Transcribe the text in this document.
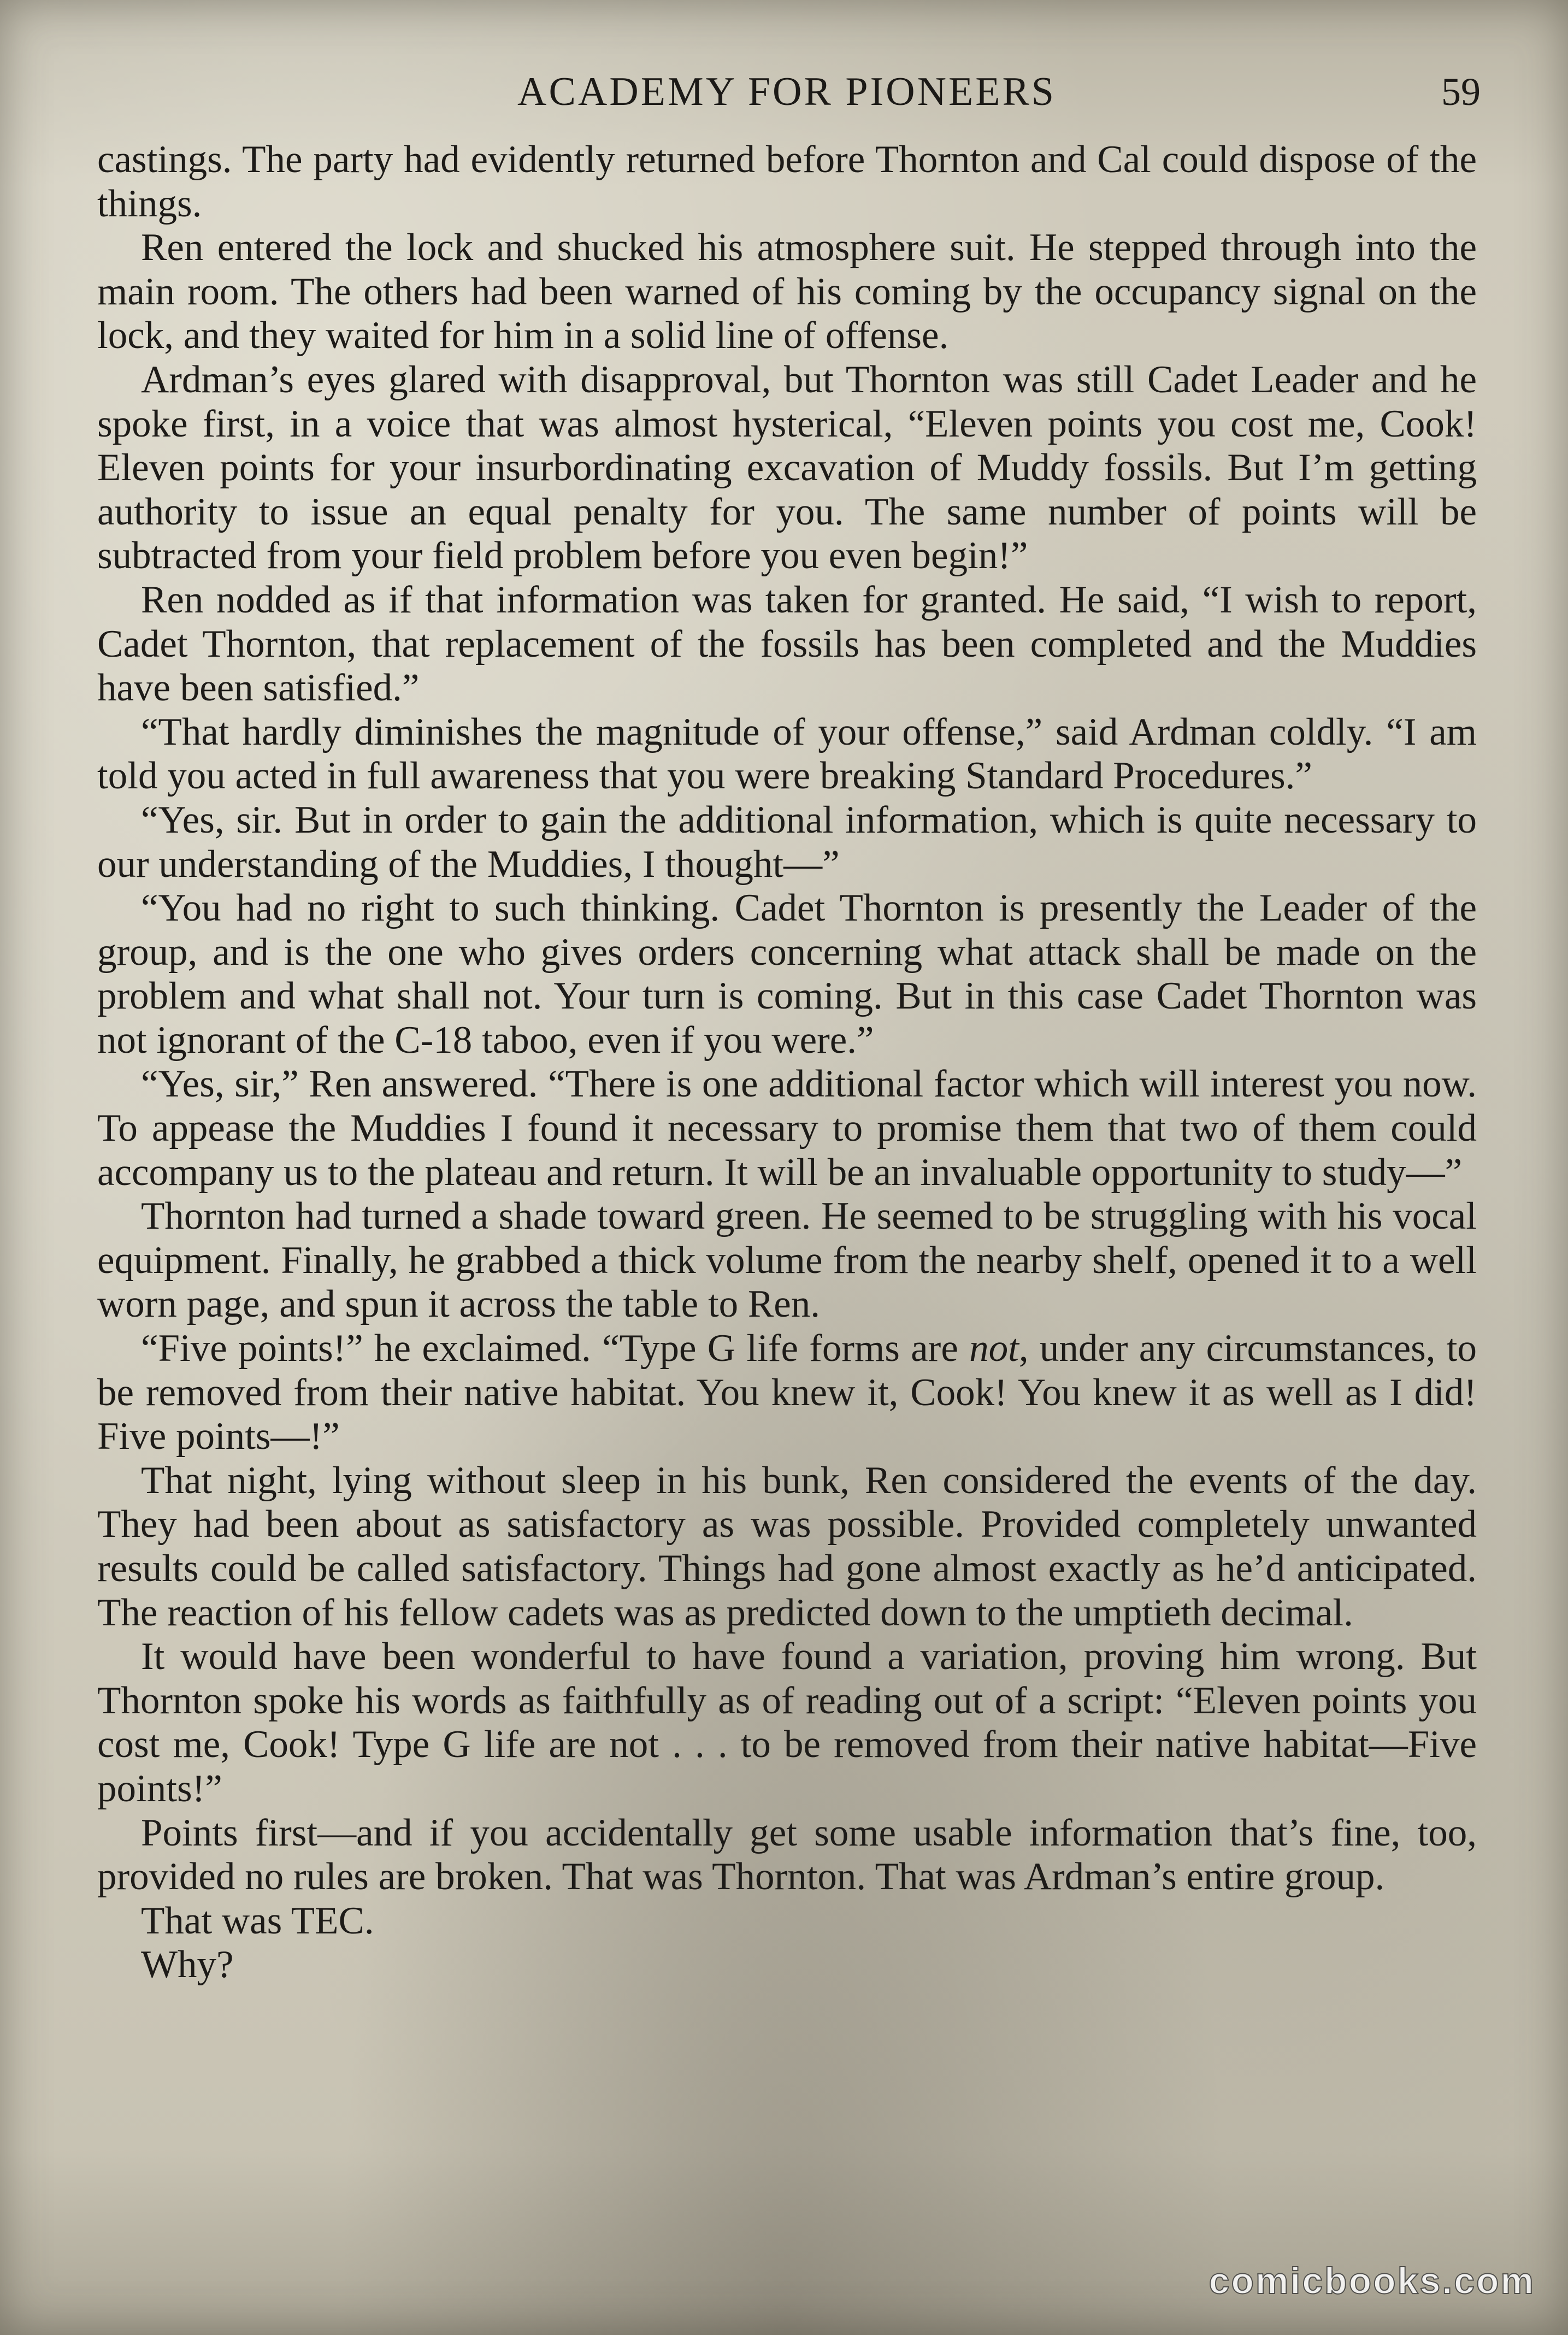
ACADEMY FOR PIONEERS	59

castings. The party had evidently returned before Thornton and Cal could dispose of the things.

Ren entered the lock and shucked his atmosphere suit. He stepped through into the main room. The others had been warned of his coming by the occupancy signal on the lock, and they waited for him in a solid line of offense.

Ardman’s eyes glared with disapproval, but Thornton was still Cadet Leader and he spoke first, in a voice that was almost hysterical, “Eleven points you cost me, Cook! Eleven points for your insurbordinating excavation of Muddy fossils. But I’m getting authority to issue an equal penalty for you. The same number of points will be subtracted from your field problem before you even begin!”

Ren nodded as if that information was taken for granted. He said, “I wish to report, Cadet Thornton, that replacement of the fossils has been completed and the Muddies have been satisfied.”

“That hardly diminishes the magnitude of your offense,” said Ardman coldly. “I am told you acted in full awareness that you were breaking Standard Procedures.”

“Yes, sir. But in order to gain the additional information, which is quite necessary to our understanding of the Muddies, I thought—”

“You had no right to such thinking. Cadet Thornton is presently the Leader of the group, and is the one who gives orders concerning what attack shall be made on the problem and what shall not. Your turn is coming. But in this case Cadet Thornton was not ignorant of the C-18 taboo, even if you were.”

“Yes, sir,” Ren answered. “There is one additional factor which will interest you now. To appease the Muddies I found it necessary to promise them that two of them could accompany us to the plateau and return. It will be an invaluable opportunity to study—”

Thornton had turned a shade toward green. He seemed to be struggling with his vocal equipment. Finally, he grabbed a thick volume from the nearby shelf, opened it to a well worn page, and spun it across the table to Ren.

“Five points!” he exclaimed. “Type G life forms are not, under any circumstances, to be removed from their native habitat. You knew it, Cook! You knew it as well as I did! Five points—!”

That night, lying without sleep in his bunk, Ren considered the events of the day. They had been about as satisfactory as was possible. Provided completely unwanted results could be called satisfactory. Things had gone almost exactly as he’d anticipated. The reaction of his fellow cadets was as predicted down to the umptieth decimal.

It would have been wonderful to have found a variation, proving him wrong. But Thornton spoke his words as faithfully as of reading out of a script: “Eleven points you cost me, Cook! Type G life are not . . . to be removed from their native habitat—Five points!”

Points first—and if you accidentally get some usable information that’s fine, too, provided no rules are broken. That was Thornton. That was Ardman’s entire group.

That was TEC.

Why?

comicbooks.com
